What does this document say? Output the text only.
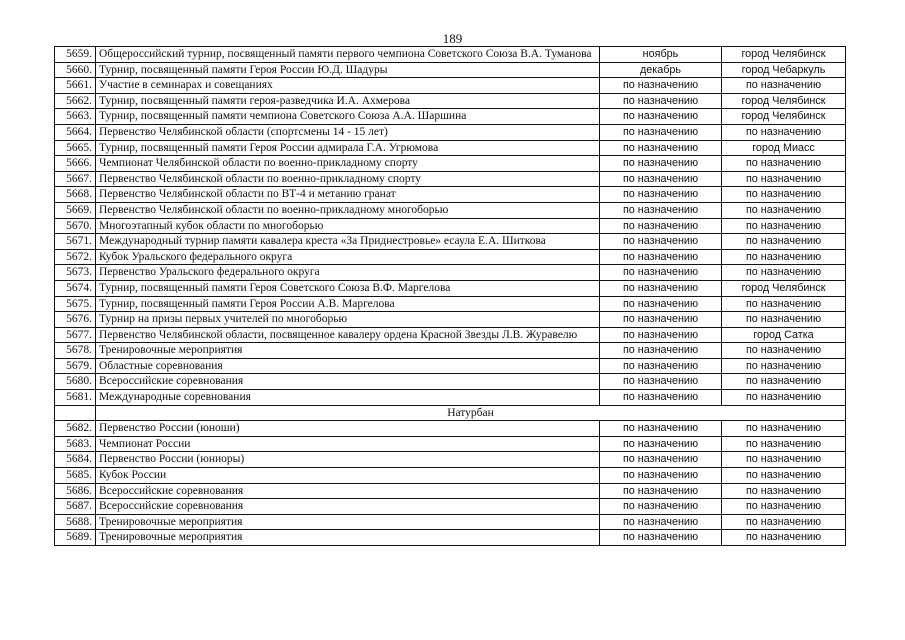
189
5659.	Общероссийский турнир, посвященный памяти первого чемпиона Советского Союза В.А. Туманова	ноябрь	город Челябинск
5660.	Турнир, посвященный памяти Героя России Ю.Д. Шадуры	декабрь	город Чебаркуль
5661.	Участие в семинарах и совещаниях	по назначению	по назначению
5662.	Турнир, посвященный памяти героя-разведчика И.А. Ахмерова	по назначению	город Челябинск
5663.	Турнир, посвященный памяти чемпиона Советского Союза А.А. Шаршина	по назначению	город Челябинск
5664.	Первенство Челябинской области (спортсмены 14 - 15 лет)	по назначению	по назначению
5665.	Турнир, посвященный памяти Героя России адмирала Г.А. Угрюмова	по назначению	город Миасс
5666.	Чемпионат Челябинской области по военно-прикладному спорту	по назначению	по назначению
5667.	Первенство Челябинской области по военно-прикладному спорту	по назначению	по назначению
5668.	Первенство Челябинской области по ВТ-4 и метанию гранат	по назначению	по назначению
5669.	Первенство Челябинской области по военно-прикладному многоборью	по назначению	по назначению
5670.	Многоэтапный кубок области по многоборью	по назначению	по назначению
5671.	Международный турнир памяти кавалера креста «За Приднестровье» есаула Е.А. Шиткова	по назначению	по назначению
5672.	Кубок Уральского федерального округа	по назначению	по назначению
5673.	Первенство Уральского федерального округа	по назначению	по назначению
5674.	Турнир, посвященный памяти Героя Советского Союза В.Ф. Маргелова	по назначению	город Челябинск
5675.	Турнир, посвященный памяти Героя России А.В. Маргелова	по назначению	по назначению
5676.	Турнир на призы первых учителей по многоборью	по назначению	по назначению
5677.	Первенство Челябинской области, посвященное кавалеру ордена Красной Звезды Л.В. Журавелю	по назначению	город Сатка
5678.	Тренировочные мероприятия	по назначению	по назначению
5679.	Областные соревнования	по назначению	по назначению
5680.	Всероссийские соревнования	по назначению	по назначению
5681.	Международные соревнования	по назначению	по назначению
	Натурбан		
5682.	Первенство России (юноши)	по назначению	по назначению
5683.	Чемпионат России	по назначению	по назначению
5684.	Первенство России (юниоры)	по назначению	по назначению
5685.	Кубок России	по назначению	по назначению
5686.	Всероссийские соревнования	по назначению	по назначению
5687.	Всероссийские соревнования	по назначению	по назначению
5688.	Тренировочные мероприятия	по назначению	по назначению
5689.	Тренировочные мероприятия	по назначению	по назначению
